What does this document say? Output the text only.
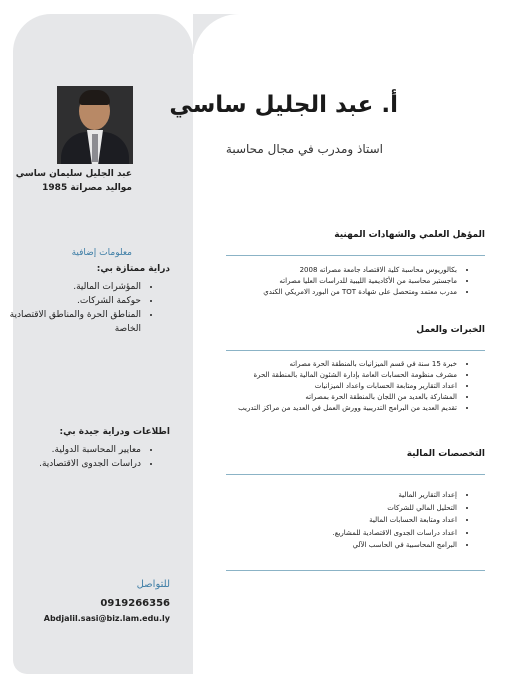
عبد الجليل سليمان ساسي
مواليد مصراتة 1985
معلومات إضافية
دراية ممتازة بي:
• المؤشرات المالية.
• حوكمة الشركات.
• المناطق الحرة والمناطق الاقتصادية الخاصة
اطلاعات ودراية جيدة بي:
• معايير المحاسبة الدولية.
• دراسات الجدوى الاقتصادية.
للتواصل
0919266356
Abdjalil.sasi@biz.lam.edu.ly
أ. عبد الجليل ساسي
استاذ ومدرب في مجال محاسبة
المؤهل العلمي والشهادات المهنية
• بكالوريوس محاسبة كلية الاقتصاد جامعة مصراته 2008
• ماجستير محاسبة من الأكاديمية الليبية للدراسات العليا مصراته
• مدرب معتمد ومتحصل على شهادة TOT من البورد الامريكي الكندي
الخبرات والعمل
• خبرة 15 سنة في قسم الميزانيات بالمنطقة الحرة مصراته
• مشرف منظومة الحسابات العامة بإدارة الشئون المالية بالمنطقة الحرة
• اعداد التقارير ومتابعة الحسابات واعداد الميزانيات
• المشاركة بالعديد من اللجان بالمنطقة الحرة بمصراته
• تقديم العديد من البرامج التدريبية وورش العمل في العديد من مراكز التدريب
التخصصات المالية
• إعداد التقارير المالية
• التحليل المالي للشركات
• اعداد ومتابعة الحسابات المالية
• اعداد دراسات الجدوى الاقتصادية للمشاريع.
• البرامج المحاسبية في الحاسب الآلي
